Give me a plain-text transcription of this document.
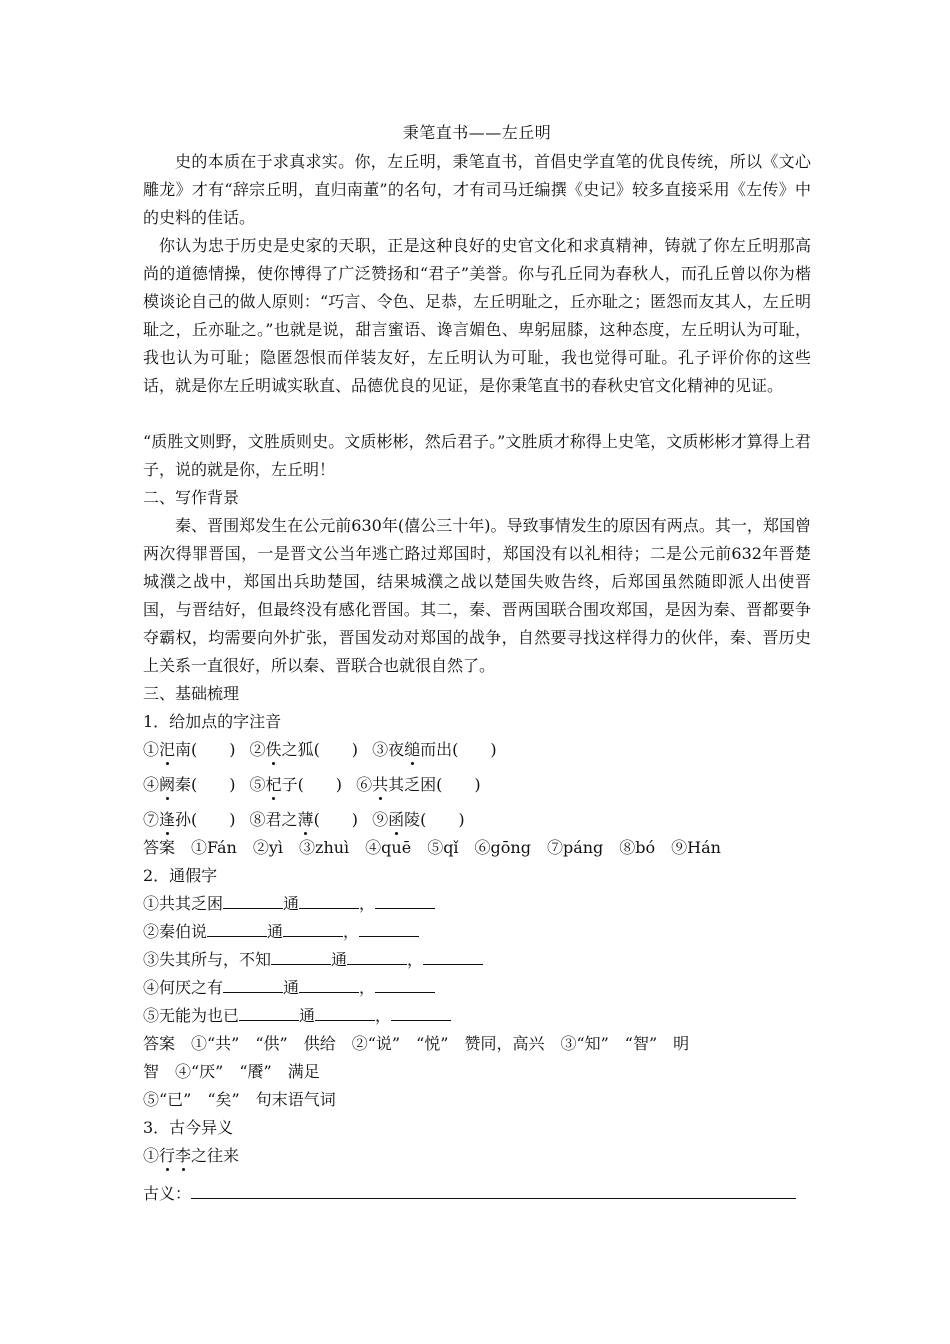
秉笔直书——左丘明

史的本质在于求真求实。你，左丘明，秉笔直书，首倡史学直笔的优良传统，所以《文心雕龙》才有“辞宗丘明，直归南董”的名句，才有司马迁编撰《史记》较多直接采用《左传》中的史料的佳话。

你认为忠于历史是史家的天职，正是这种良好的史官文化和求真精神，铸就了你左丘明那高尚的道德情操，使你博得了广泛赞扬和“君子”美誉。你与孔丘同为春秋人，而孔丘曾以你为楷模谈论自己的做人原则：“巧言、令色、足恭，左丘明耻之，丘亦耻之；匿怨而友其人，左丘明耻之，丘亦耻之。”也就是说，甜言蜜语、谗言媚色、卑躬屈膝，这种态度，左丘明认为可耻，我也认为可耻；隐匿怨恨而佯装友好，左丘明认为可耻，我也觉得可耻。孔子评价你的这些话，就是你左丘明诚实耿直、品德优良的见证，是你秉笔直书的春秋史官文化精神的见证。

“质胜文则野，文胜质则史。文质彬彬，然后君子。”文胜质才称得上史笔，文质彬彬才算得上君子，说的就是你，左丘明！

二、写作背景

秦、晋围郑发生在公元前630年(僖公三十年)。导致事情发生的原因有两点。其一，郑国曾两次得罪晋国，一是晋文公当年逃亡路过郑国时，郑国没有以礼相待；二是公元前632年晋楚城濮之战中，郑国出兵助楚国，结果城濮之战以楚国失败告终，后郑国虽然随即派人出使晋国，与晋结好，但最终没有感化晋国。其二，秦、晋两国联合围攻郑国，是因为秦、晋都要争夺霸权，均需要向外扩张，晋国发动对郑国的战争，自然要寻找这样得力的伙伴，秦、晋历史上关系一直很好，所以秦、晋联合也就很自然了。

三、基础梳理
1．给加点的字注音
①汜南(　　) ②佚之狐(　　) ③夜缒而出(　　)
④阙秦(　　) ⑤杞子(　　) ⑥共其乏困(　　)
⑦逢孙(　　) ⑧君之薄(　　) ⑨函陵(　　)
答案　①Fán　②yì　③zhuì　④quē　⑤qǐ　⑥gōng　⑦páng　⑧bó　⑨Hán
2．通假字
①共其乏困	通	，
②秦伯说	通	，
③失其所与，不知	通	，
④何厌之有	通	，
⑤无能为也已	通	，
答案　①“共”　“供”　供给　②“说”　“悦”　赞同，高兴　③“知”　“智”　明
智　④“厌”　“餍”　满足
⑤“已”　“矣”　句末语气词
3．古今异义
①行李之往来
古义：
